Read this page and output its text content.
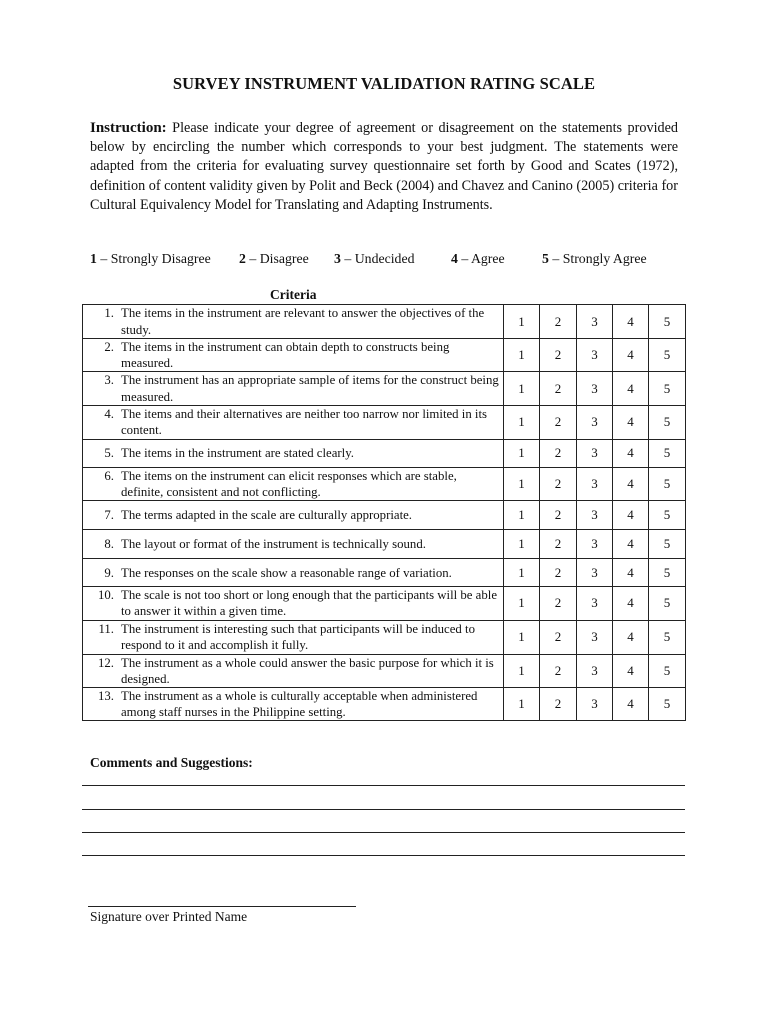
SURVEY INSTRUMENT VALIDATION RATING SCALE
Instruction: Please indicate your degree of agreement or disagreement on the statements provided below by encircling the number which corresponds to your best judgment. The statements were adapted from the criteria for evaluating survey questionnaire set forth by Good and Scates (1972), definition of content validity given by Polit and Beck (2004) and Chavez and Canino (2005) criteria for Cultural Equivalency Model for Translating and Adapting Instruments.
1 – Strongly Disagree 2 – Disagree 3 – Undecided	4 – Agree	5 – Strongly Agree
Criteria
1. The items in the instrument are relevant to answer the objectives of the study.	1	2	3	4	5

2. The items in the instrument can obtain depth to constructs being measured.	1	2	3	4	5

3. The instrument has an appropriate sample of items for the construct being measured.	1	2	3	4	5

4. The items and their alternatives are neither too narrow nor limited in its content.	1	2	3	4	5

5. The items in the instrument are stated clearly.	1	2	3	4	5

6. The items on the instrument can elicit responses which are stable, definite, consistent and not conflicting.	1	2	3	4	5

7. The terms adapted in the scale are culturally appropriate.	1	2	3	4	5

8. The layout or format of the instrument is technically sound.	1	2	3	4	5

9. The responses on the scale show a reasonable range of variation.	1	2	3	4	5

10. The scale is not too short or long enough that the participants will be able to answer it within a given time.	1	2	3	4	5

11. The instrument is interesting such that participants will be induced to respond to it and accomplish it fully.	1	2	3	4	5

12. The instrument as a whole could answer the basic purpose for which it is designed.	1	2	3	4	5

13. The instrument as a whole is culturally acceptable when administered among staff nurses in the Philippine setting.	1	2	3	4	5
Comments and Suggestions:
Signature over Printed Name
